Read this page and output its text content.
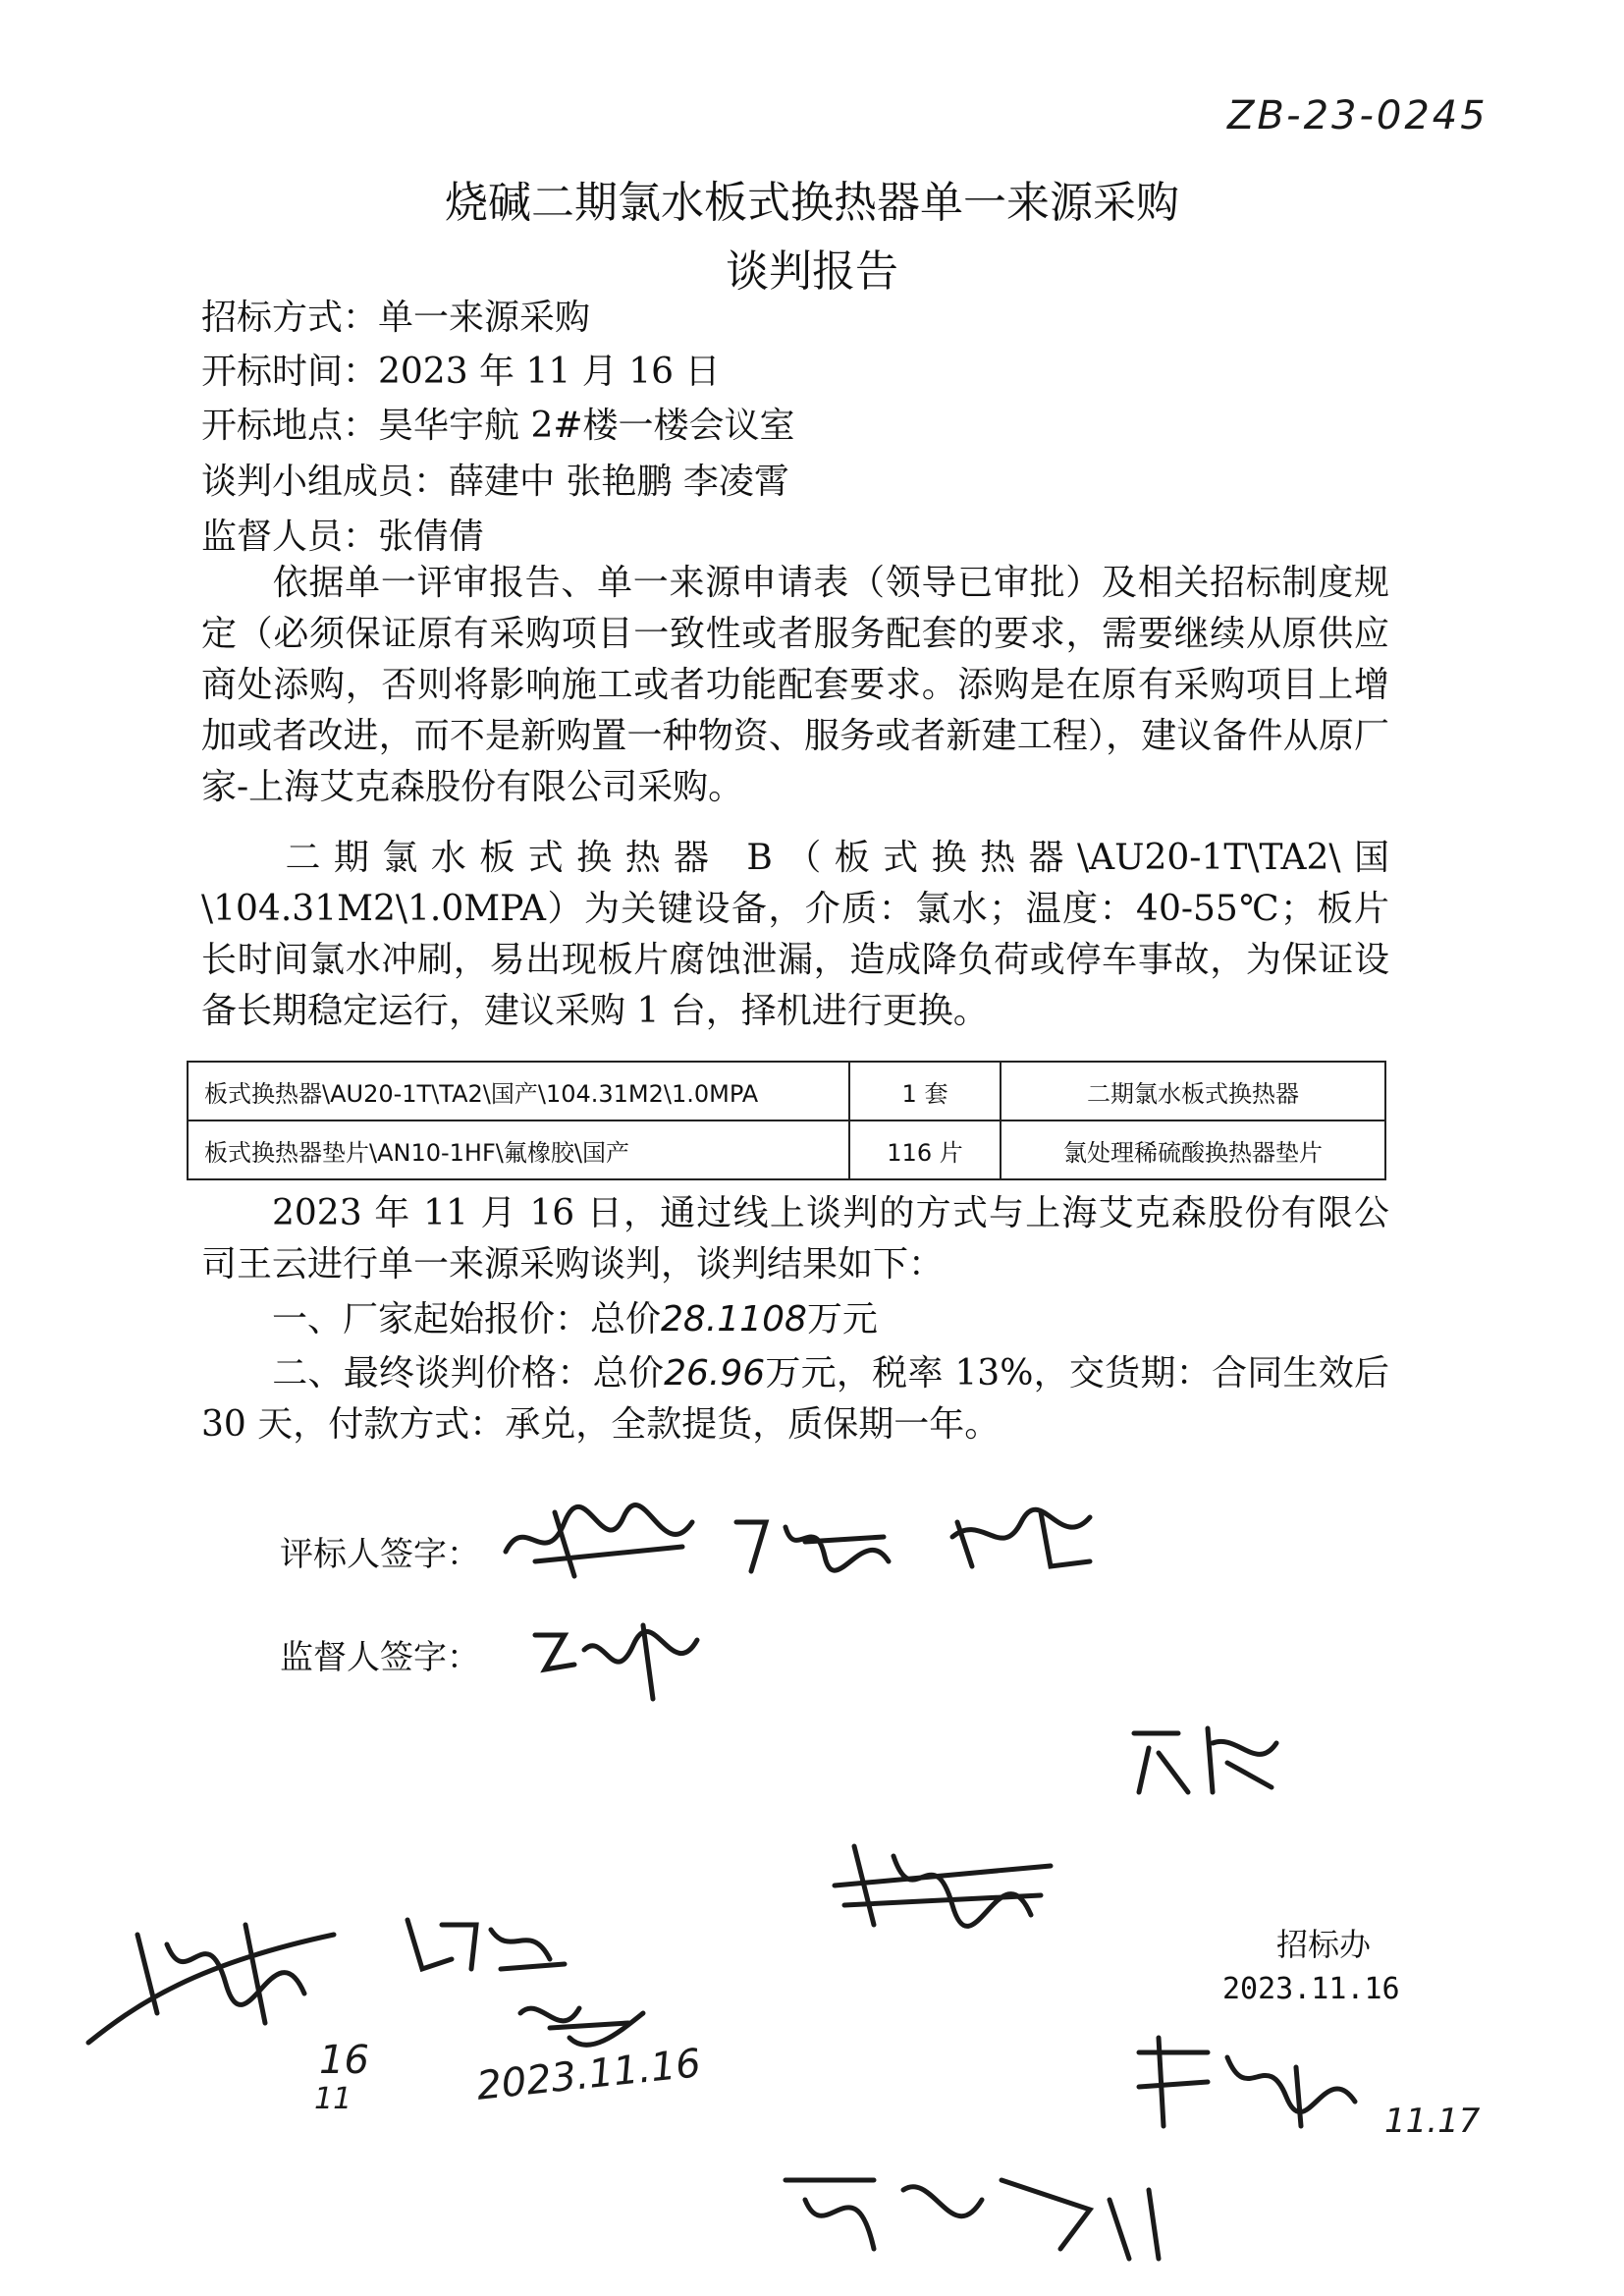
ZB-23-0245
烧碱二期氯水板式换热器单一来源采购
谈判报告
招标方式：单一来源采购
开标时间：2023 年 11 月 16 日
开标地点：昊华宇航 2#楼一楼会议室
谈判小组成员：薛建中 张艳鹏 李凌霄
监督人员：张倩倩
依据单一评审报告、单一来源申请表（领导已审批）及相关招标制度规定（必须保证原有采购项目一致性或者服务配套的要求，需要继续从原供应商处添购，否则将影响施工或者功能配套要求。添购是在原有采购项目上增加或者改进，而不是新购置一种物资、服务或者新建工程），建议备件从原厂家-上海艾克森股份有限公司采购。
二期氯水板式换热器 B（板式换热器\AU20-1T\TA2\国\104.31M2\1.0MPA）为关键设备，介质：氯水；温度：40-55℃；板片长时间氯水冲刷，易出现板片腐蚀泄漏，造成降负荷或停车事故，为保证设备长期稳定运行，建议采购 1 台，择机进行更换。
板式换热器\AU20-1T\TA2\国产\104.31M2\1.0MPA	1 套	二期氯水板式换热器
板式换热器垫片\AN10-1HF\氟橡胶\国产	116 片	氯处理稀硫酸换热器垫片
2023 年 11 月 16 日，通过线上谈判的方式与上海艾克森股份有限公司王云进行单一来源采购谈判，谈判结果如下：
一、厂家起始报价：总价28.1108万元
二、最终谈判价格：总价26.96万元，税率 13%，交货期：合同生效后 30 天，付款方式：承兑，全款提货，质保期一年。
评标人签字：
监督人签字：
16
11	2023.11.16
11.17
招标办
2023.11.16
